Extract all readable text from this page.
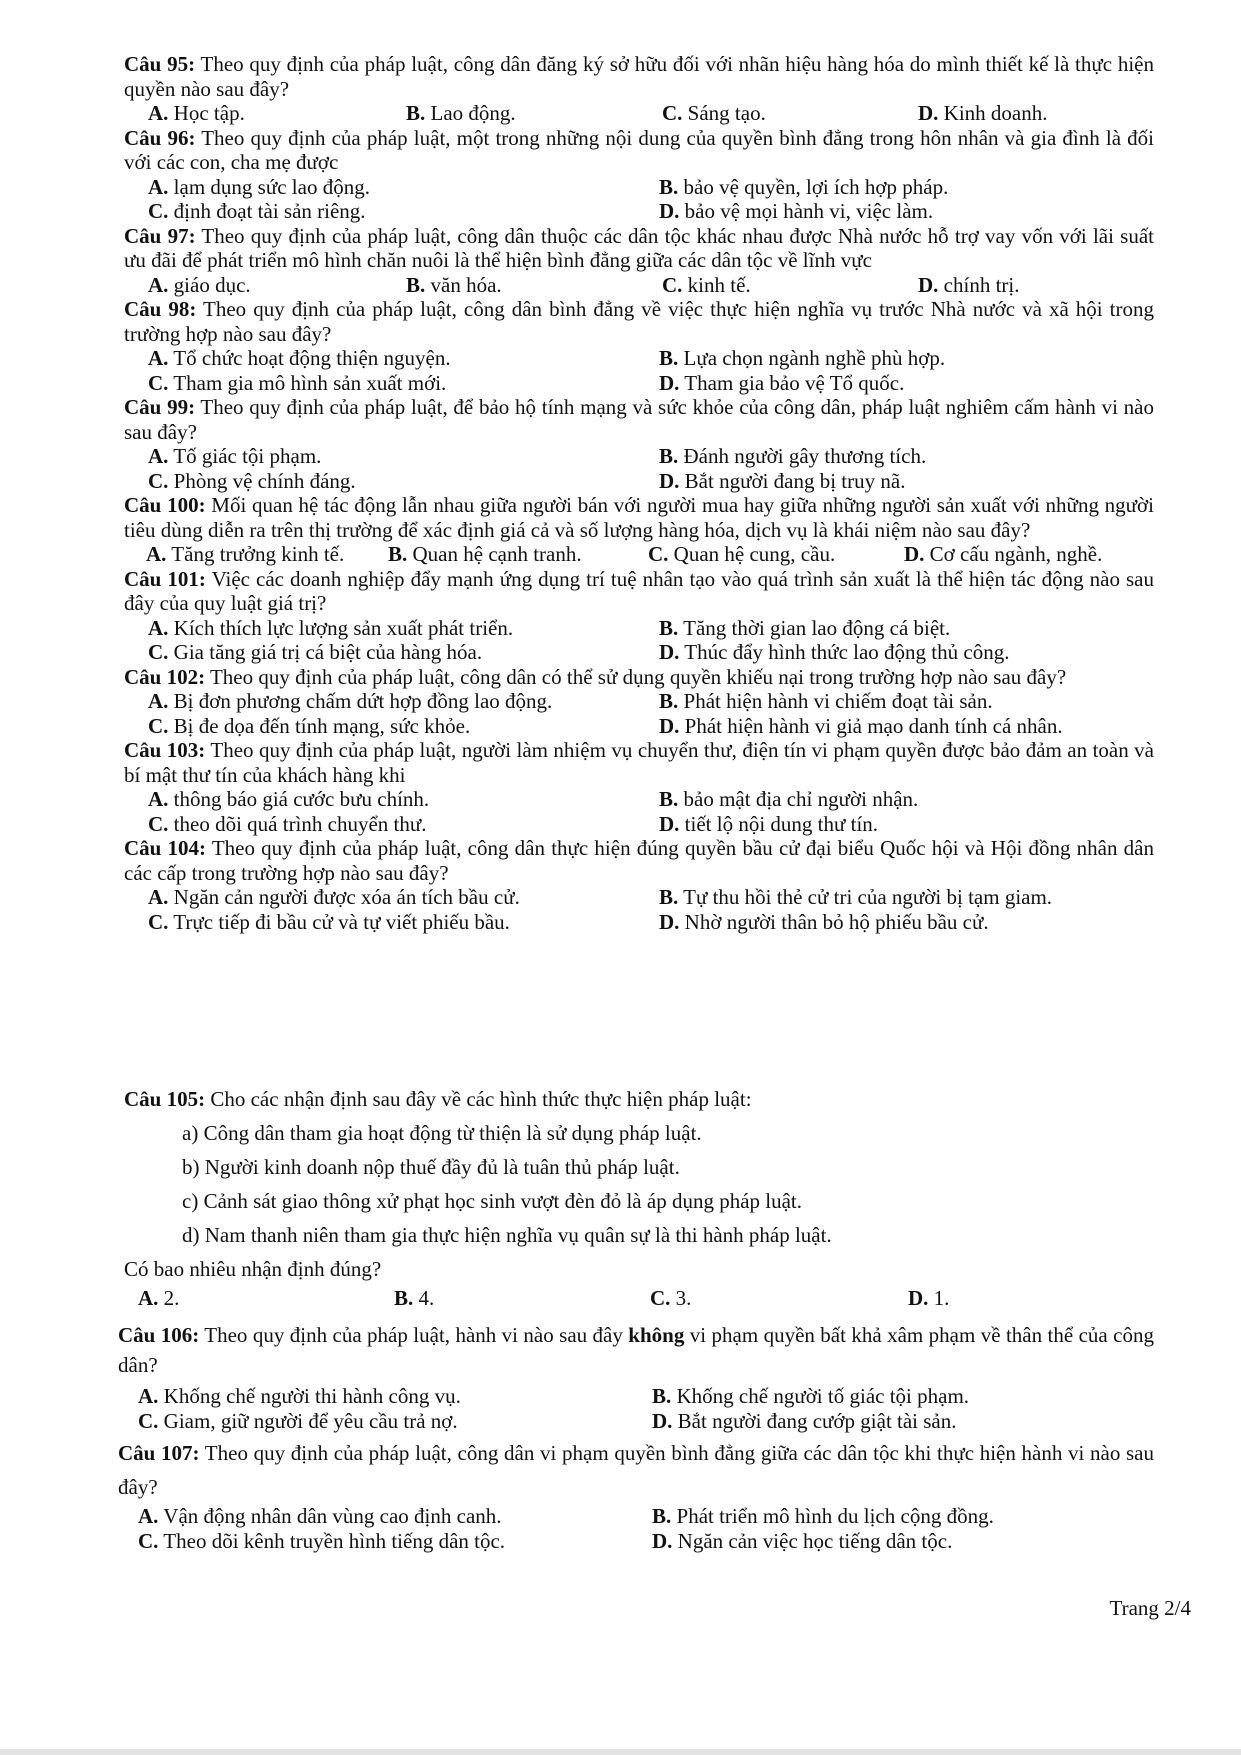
Câu 95: Theo quy định của pháp luật, công dân đăng ký sở hữu đối với nhãn hiệu hàng hóa do mình thiết kế là thực hiện quyền nào sau đây?
A. Học tập.	B. Lao động.	C. Sáng tạo.	D. Kinh doanh.
Câu 96: Theo quy định của pháp luật, một trong những nội dung của quyền bình đẳng trong hôn nhân và gia đình là đối với các con, cha mẹ được
A. lạm dụng sức lao động.	B. bảo vệ quyền, lợi ích hợp pháp.
C. định đoạt tài sản riêng.	D. bảo vệ mọi hành vi, việc làm.
Câu 97: Theo quy định của pháp luật, công dân thuộc các dân tộc khác nhau được Nhà nước hỗ trợ vay vốn với lãi suất ưu đãi để phát triển mô hình chăn nuôi là thể hiện bình đẳng giữa các dân tộc về lĩnh vực
A. giáo dục.	B. văn hóa.	C. kinh tế.	D. chính trị.
Câu 98: Theo quy định của pháp luật, công dân bình đẳng về việc thực hiện nghĩa vụ trước Nhà nước và xã hội trong trường hợp nào sau đây?
A. Tổ chức hoạt động thiện nguyện.	B. Lựa chọn ngành nghề phù hợp.
C. Tham gia mô hình sản xuất mới.	D. Tham gia bảo vệ Tổ quốc.
Câu 99: Theo quy định của pháp luật, để bảo hộ tính mạng và sức khỏe của công dân, pháp luật nghiêm cấm hành vi nào sau đây?
A. Tố giác tội phạm.	B. Đánh người gây thương tích.
C. Phòng vệ chính đáng.	D. Bắt người đang bị truy nã.
Câu 100: Mối quan hệ tác động lẫn nhau giữa người bán với người mua hay giữa những người sản xuất với những người tiêu dùng diễn ra trên thị trường để xác định giá cả và số lượng hàng hóa, dịch vụ là khái niệm nào sau đây?
A. Tăng trưởng kinh tế.	B. Quan hệ cạnh tranh.	C. Quan hệ cung, cầu.	D. Cơ cấu ngành, nghề.
Câu 101: Việc các doanh nghiệp đẩy mạnh ứng dụng trí tuệ nhân tạo vào quá trình sản xuất là thể hiện tác động nào sau đây của quy luật giá trị?
A. Kích thích lực lượng sản xuất phát triển.	B. Tăng thời gian lao động cá biệt.
C. Gia tăng giá trị cá biệt của hàng hóa.	D. Thúc đẩy hình thức lao động thủ công.
Câu 102: Theo quy định của pháp luật, công dân có thể sử dụng quyền khiếu nại trong trường hợp nào sau đây?
A. Bị đơn phương chấm dứt hợp đồng lao động.	B. Phát hiện hành vi chiếm đoạt tài sản.
C. Bị đe dọa đến tính mạng, sức khỏe.	D. Phát hiện hành vi giả mạo danh tính cá nhân.
Câu 103: Theo quy định của pháp luật, người làm nhiệm vụ chuyển thư, điện tín vi phạm quyền được bảo đảm an toàn và bí mật thư tín của khách hàng khi
A. thông báo giá cước bưu chính.	B. bảo mật địa chỉ người nhận.
C. theo dõi quá trình chuyển thư.	D. tiết lộ nội dung thư tín.
Câu 104: Theo quy định của pháp luật, công dân thực hiện đúng quyền bầu cử đại biểu Quốc hội và Hội đồng nhân dân các cấp trong trường hợp nào sau đây?
A. Ngăn cản người được xóa án tích bầu cử.	B. Tự thu hồi thẻ cử tri của người bị tạm giam.
C. Trực tiếp đi bầu cử và tự viết phiếu bầu.	D. Nhờ người thân bỏ hộ phiếu bầu cử.
Câu 105: Cho các nhận định sau đây về các hình thức thực hiện pháp luật:
a) Công dân tham gia hoạt động từ thiện là sử dụng pháp luật.
b) Người kinh doanh nộp thuế đầy đủ là tuân thủ pháp luật.
c) Cảnh sát giao thông xử phạt học sinh vượt đèn đỏ là áp dụng pháp luật.
d) Nam thanh niên tham gia thực hiện nghĩa vụ quân sự là thi hành pháp luật.
Có bao nhiêu nhận định đúng?
A. 2.	B. 4.	C. 3.	D. 1.
Câu 106: Theo quy định của pháp luật, hành vi nào sau đây không vi phạm quyền bất khả xâm phạm về thân thể của công dân?
A. Khống chế người thi hành công vụ.	B. Khống chế người tố giác tội phạm.
C. Giam, giữ người để yêu cầu trả nợ.	D. Bắt người đang cướp giật tài sản.
Câu 107: Theo quy định của pháp luật, công dân vi phạm quyền bình đẳng giữa các dân tộc khi thực hiện hành vi nào sau đây?
A. Vận động nhân dân vùng cao định canh.	B. Phát triển mô hình du lịch cộng đồng.
C. Theo dõi kênh truyền hình tiếng dân tộc.	D. Ngăn cản việc học tiếng dân tộc.
Trang 2/4
